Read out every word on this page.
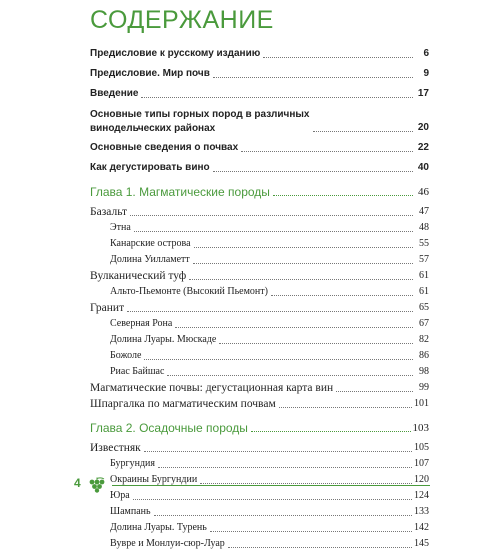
СОДЕРЖАНИЕ
Предисловие к русскому изданию	6
Предисловие. Мир почв	9
Введение	17
Основные типы горных пород в различных винодельческих районах	20
Основные сведения о почвах	22
Как дегустировать вино	40
Глава 1. Магматические породы	46
Базальт	47
Этна	48
Канарские острова	55
Долина Уилламетт	57
Вулканический туф	61
Альто-Пьемонте (Высокий Пьемонт)	61
Гранит	65
Северная Рона	67
Долина Луары. Мюскаде	82
Божоле	86
Риас Байшас	98
Магматические почвы: дегустационная карта вин	99
Шпаргалка по магматическим почвам	101
Глава 2. Осадочные породы	103
Известняк	105
Бургундия	107
Окраины Бургундии	120
Юра	124
Шампань	133
Долина Луары. Турень	142
Вувре и Монлуи-сюр-Луар	145
4
